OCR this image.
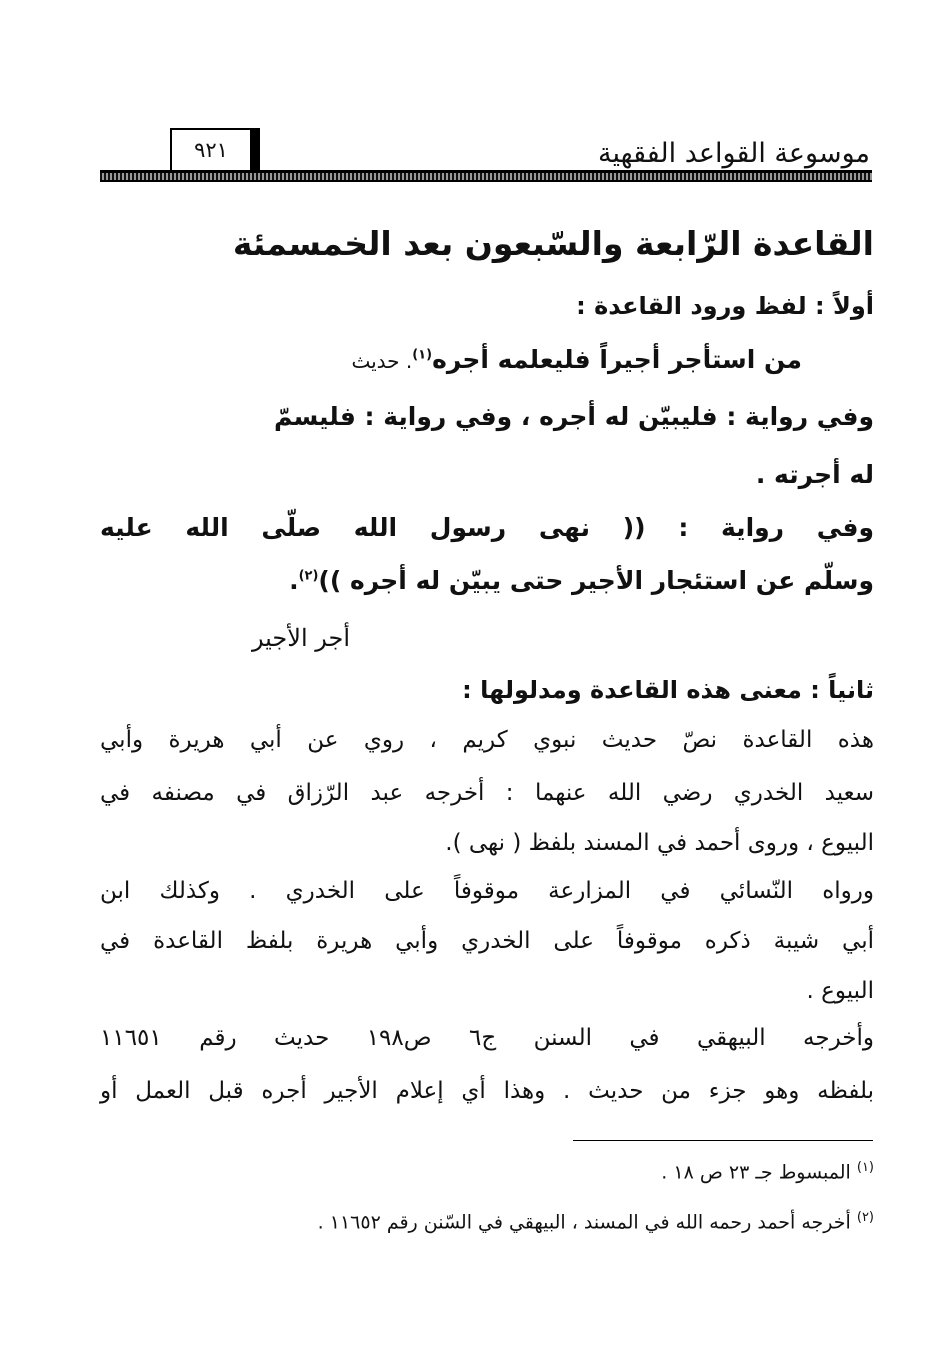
موسوعة القواعد الفقهية
٩٢١
القاعدة الرّابعة والسّبعون بعد الخمسمئة
أولاً : لفظ ورود القاعدة :
من استأجر أجيراً فليعلمه أجره$^{(١)}$. حديث
وفي رواية : فليبيّن له أجره ، وفي رواية : فليسمّ
له أجرته .
وفي رواية : (( نهى رسول الله صلّى الله عليه
وسلّم عن استئجار الأجير حتى يبيّن له أجره ))$^{(٢)}$.
أجر الأجير
ثانياً : معنى هذه القاعدة ومدلولها :
هذه القاعدة نصّ حديث نبوي كريم ، روي عن أبي هريرة وأبي
سعيد الخدري رضي الله عنهما : أخرجه عبد الرّزاق في مصنفه في
البيوع ، وروى أحمد في المسند بلفظ ( نهى ).
ورواه النّسائي في المزارعة موقوفاً على الخدري . وكذلك ابن
أبي شيبة ذكره موقوفاً على الخدري وأبي هريرة بلفظ القاعدة في
البيوع .
وأخرجه البيهقي في السنن ج٦ ص١٩٨ حديث رقم ١١٦٥١
بلفظه وهو جزء من حديث . وهذا أي إعلام الأجير أجره قبل العمل أو
$^{(١)}$ المبسوط جـ ٢٣ ص ١٨ .
$^{(٢)}$ أخرجه أحمد رحمه الله في المسند ، البيهقي في السّنن رقم ١١٦٥٢ .
